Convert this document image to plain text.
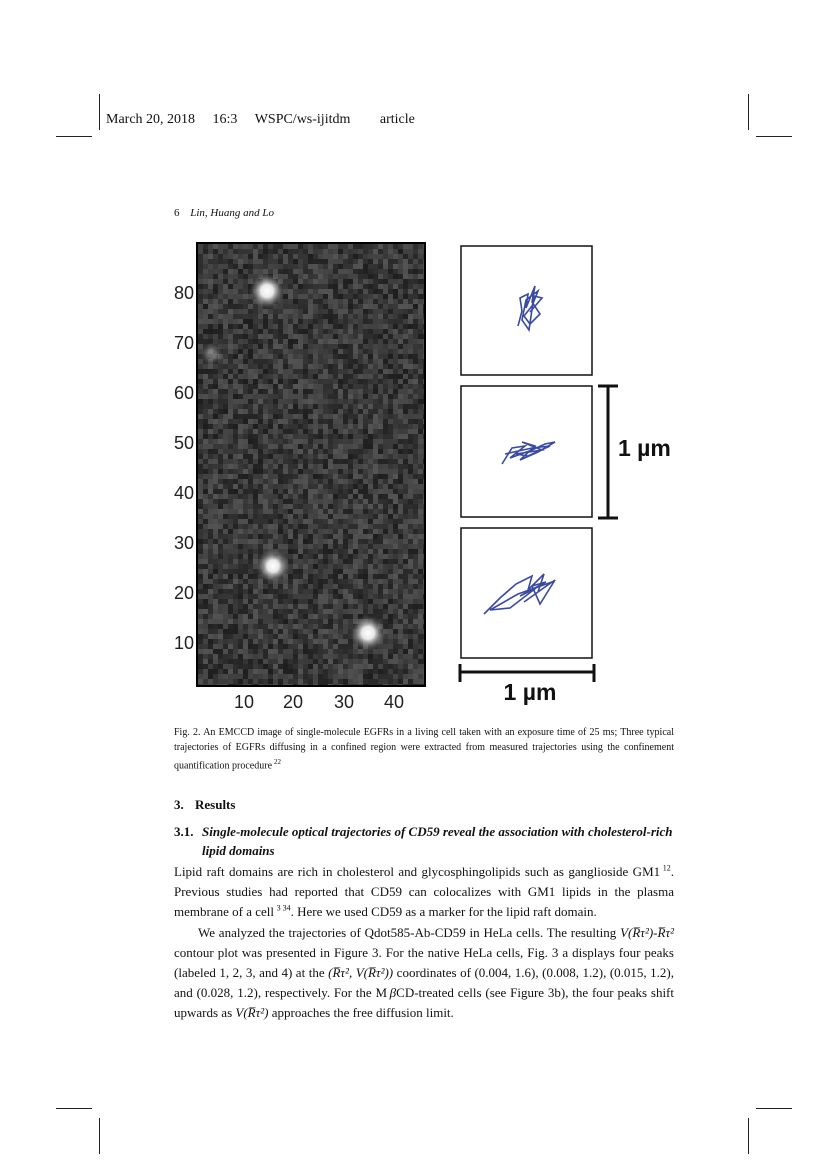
March 20, 2018 16:3 WSPC/ws-ijitdm article
6 Lin, Huang and Lo
80
70
60
50
40
30
20
10
10 20 30 40
1 µm
1 µm
Fig. 2. An EMCCD image of single-molecule EGFRs in a living cell taken with an exposure time of 25 ms; Three typical trajectories of EGFRs diffusing in a confined region were extracted from measured trajectories using the confinement quantification procedure  $^{22}$
3. Results
3.1. Single-molecule optical trajectories of CD59 reveal the association with cholesterol-rich lipid domains

Lipid raft domains are rich in cholesterol and glycosphingolipids such as ganglioside GM1  $^{12}$. Previous studies had reported that CD59 can colocalizes with GM1 lipids in the plasma membrane of a cell  $^{3 34}$. Here we used CD59 as a marker for the lipid raft domain.

We analyzed the trajectories of Qdot585-Ab-CD59 in HeLa cells. The resulting V(R̅τ²)-R̅τ² contour plot was presented in Figure 3. For the native HeLa cells, Fig. 3 a displays four peaks (labeled 1, 2, 3, and 4) at the (R̅τ², V(R̅τ²)) coordinates of (0.004, 1.6), (0.008, 1.2), (0.015, 1.2), and (0.028, 1.2), respectively. For the M  βCD-treated cells (see Figure 3b), the four peaks shift upwards as V(R̅τ²) approaches the free diffusion limit.
